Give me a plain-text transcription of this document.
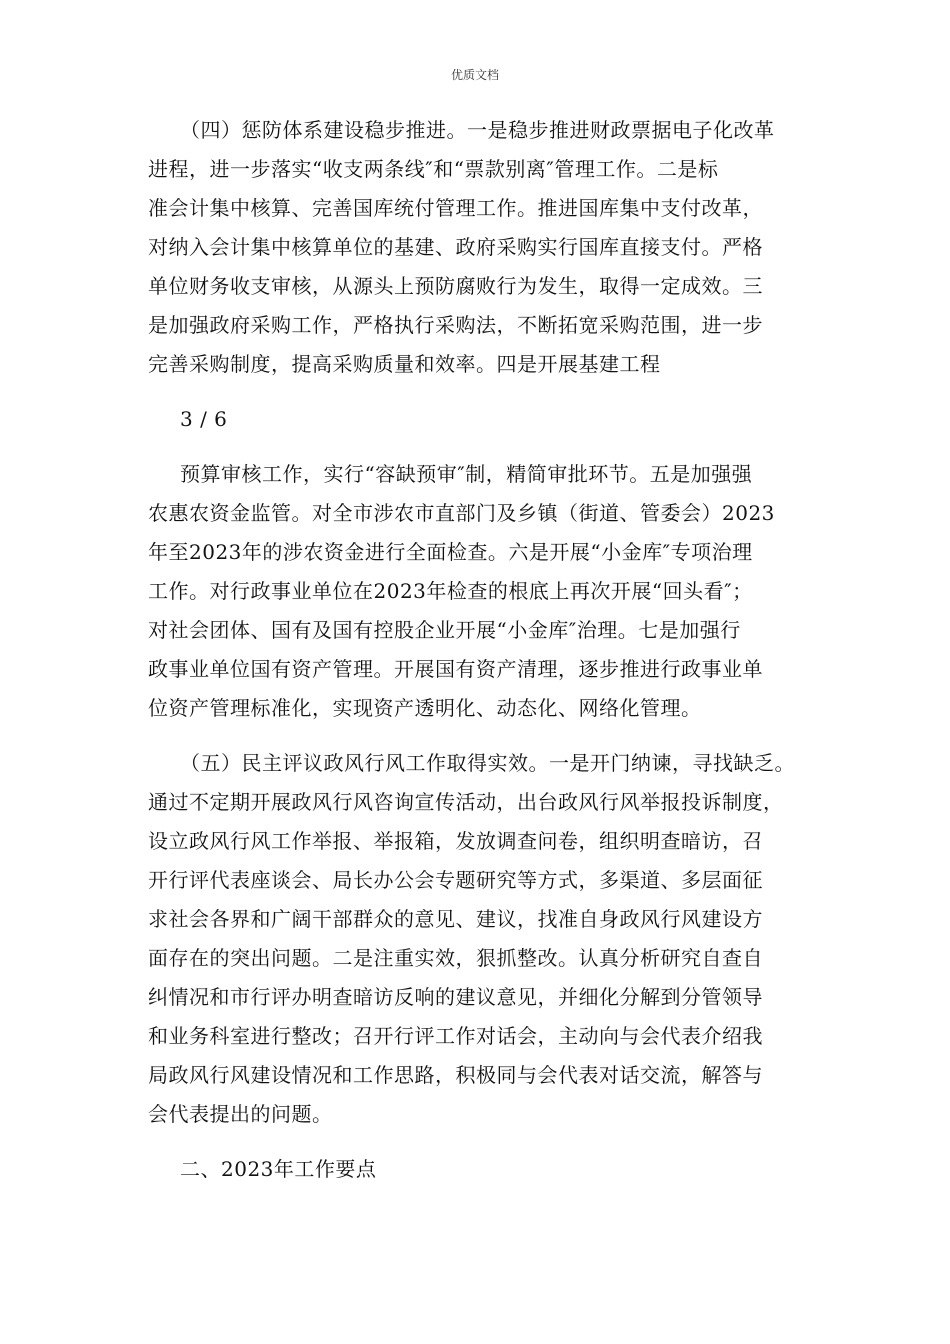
优质文档
（四）惩防体系建设稳步推进。一是稳步推进财政票据电子化改革
进程，进一步落实“收支两条线″和“票款别离″管理工作。二是标
准会计集中核算、完善国库统付管理工作。推进国库集中支付改革，
对纳入会计集中核算单位的基建、政府采购实行国库直接支付。严格
单位财务收支审核，从源头上预防腐败行为发生，取得一定成效。三
是加强政府采购工作，严格执行采购法，不断拓宽采购范围，进一步
完善采购制度，提高采购质量和效率。四是开展基建工程
3 / 6
预算审核工作，实行“容缺预审″制，精简审批环节。五是加强强
农惠农资金监管。对全市涉农市直部门及乡镇（街道、管委会）2023
年至2023年的涉农资金进行全面检查。六是开展“小金库″专项治理
工作。对行政事业单位在2023年检查的根底上再次开展“回头看″；
对社会团体、国有及国有控股企业开展“小金库″治理。七是加强行
政事业单位国有资产管理。开展国有资产清理，逐步推进行政事业单
位资产管理标准化，实现资产透明化、动态化、网络化管理。
（五）民主评议政风行风工作取得实效。一是开门纳谏，寻找缺乏。
通过不定期开展政风行风咨询宣传活动，出台政风行风举报投诉制度，
设立政风行风工作举报、举报箱，发放调查问卷，组织明查暗访，召
开行评代表座谈会、局长办公会专题研究等方式，多渠道、多层面征
求社会各界和广阔干部群众的意见、建议，找准自身政风行风建设方
面存在的突出问题。二是注重实效，狠抓整改。认真分析研究自查自
纠情况和市行评办明查暗访反响的建议意见，并细化分解到分管领导
和业务科室进行整改；召开行评工作对话会，主动向与会代表介绍我
局政风行风建设情况和工作思路，积极同与会代表对话交流，解答与
会代表提出的问题。
二、2023年工作要点
